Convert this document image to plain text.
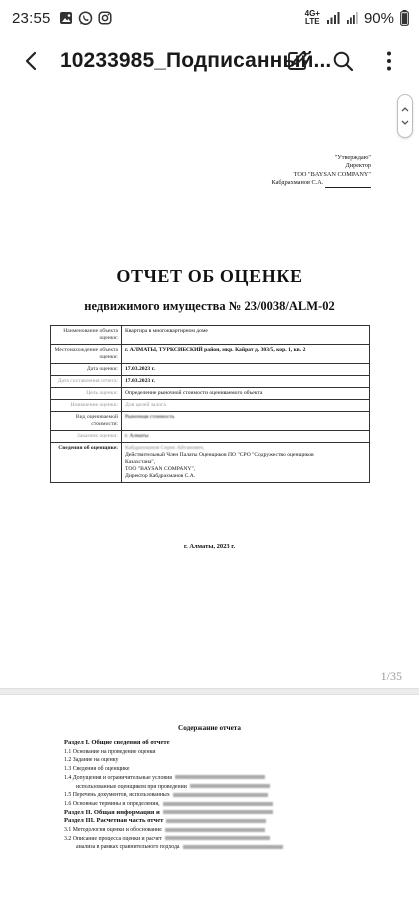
23:55	4G+
LTE	90%
10233985_Подписанный...
"Утверждаю"
Директор
ТОО "BAYSAN COMPANY"
Кабдрахманов С.А.
ОТЧЕТ ОБ ОЦЕНКЕ
недвижимого имущества № 23/0038/ALM-02
Наименование объекта оценки:	Квартира в многоквартирном доме
Местонахождение объекта оценки:	г. АЛМАТЫ, ТУРКСИБСКИЙ район, мкр. Кайрат д. 303/5, кор. 1, кв. 2
Дата оценки:	17.03.2023 г.
Дата составления отчета:	17.03.2023 г.
Цель оценки:	Определение рыночной стоимости оцениваемого объекта
Назначение оценки:	Для целей залога
Вид оцениваемой стоимости:	Рыночная стоимость
Заказчик оценки:	г. Алматы
Сведения об оценщике:	Кабдрахманов Серик Айтанович,
Действительный Член Палаты Оценщиков ПО "СРО "Содружество оценщиков
Казахстана",
ТОО "BAYSAN COMPANY",
Директор Кабдрахманов С.А.
г. Алматы, 2023 г.
1/35
Содержание отчета
Раздел I. Общие сведения об отчете
1.1 Основание на проведение оценки
1.2 Задание на оценку
1.3 Сведения об оценщике
1.4 Допущения и ограничительные условия
использованные оценщиком при проведении
1.5 Перечень документов, использованных
1.6 Основные термины и определения,
Раздел II. Общая информация и
Раздел III. Расчетная часть отчет
3.1 Методология оценки и обоснование
3.2 Описание процесса оценки и расчет
анализа в рамках сравнительного подхода
